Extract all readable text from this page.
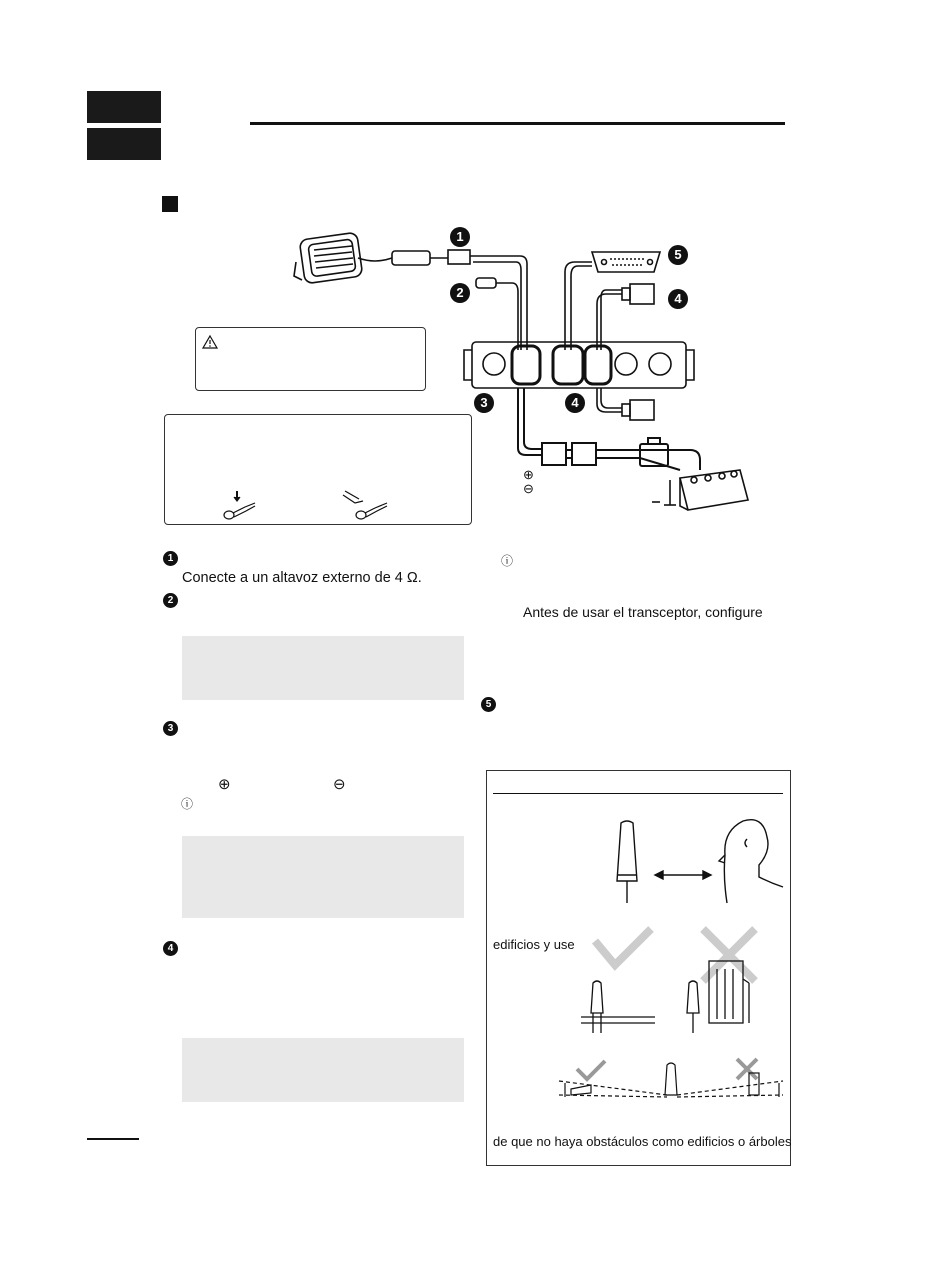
1
2
5
4
3	4
⊕
⊖
1
Conecte a un altavoz externo de 4 Ω.
2
3
⊕	⊖
ⓘ
4
ⓘ
Antes de usar el transceptor, configure
5
edificios y use
de que no haya obstáculos como edificios o árboles
